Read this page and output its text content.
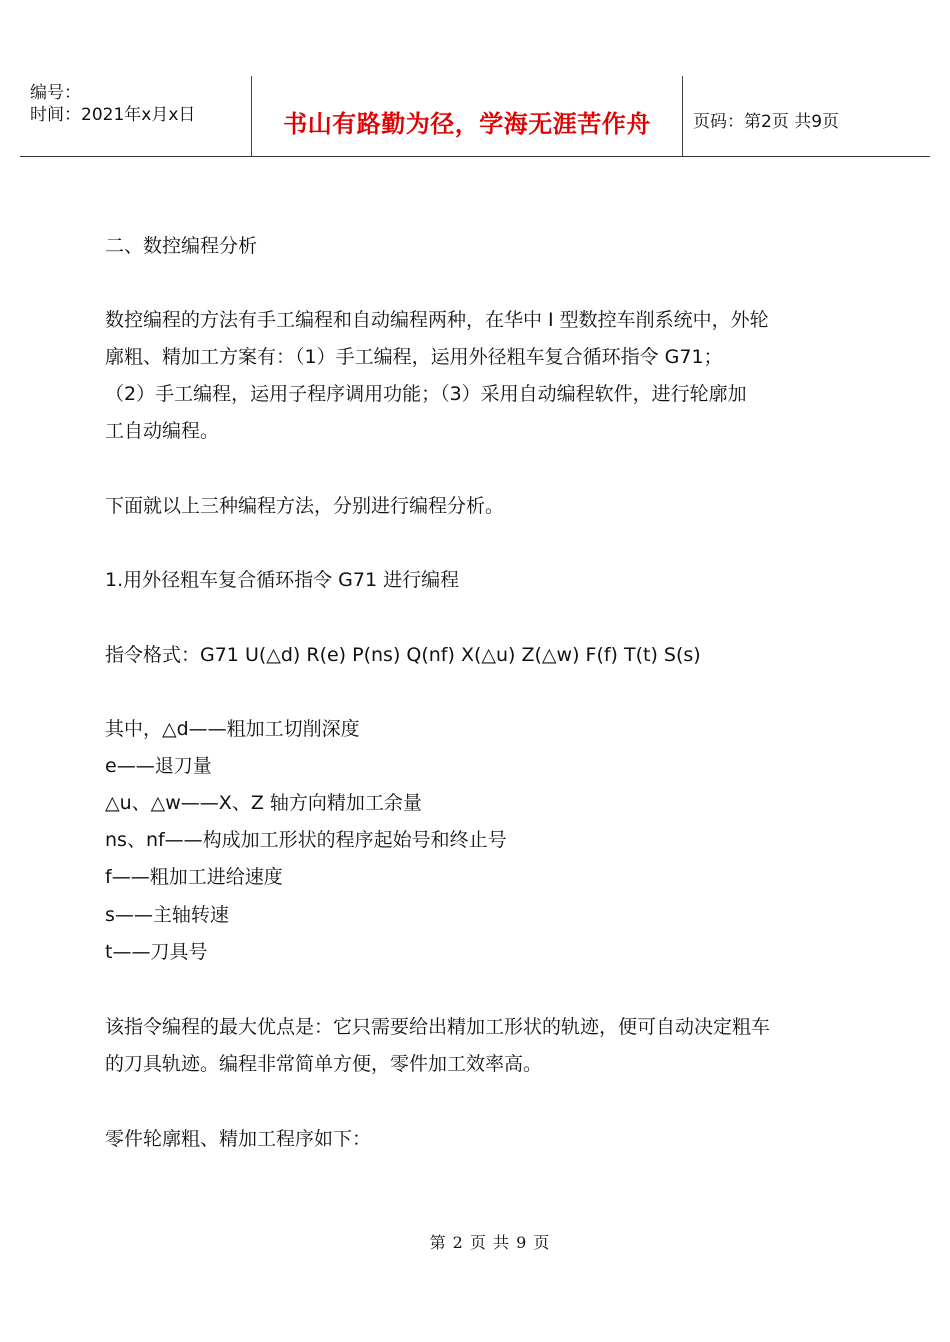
编号：
时间：2021年x月x日	书山有路勤为径，学海无涯苦作舟	页码：第2页 共9页
二、数控编程分析
数控编程的方法有手工编程和自动编程两种，在华中 I 型数控车削系统中，外轮
廓粗、精加工方案有：（1）手工编程，运用外径粗车复合循环指令 G71；
（2）手工编程，运用子程序调用功能；（3）采用自动编程软件，进行轮廓加
工自动编程。
下面就以上三种编程方法，分别进行编程分析。
1.用外径粗车复合循环指令 G71 进行编程
指令格式：G71 U(△d) R(e) P(ns) Q(nf) X(△u) Z(△w) F(f) T(t) S(s)
其中，△d——粗加工切削深度
e——退刀量
△u、△w——X、Z 轴方向精加工余量
ns、nf——构成加工形状的程序起始号和终止号
f——粗加工进给速度
s——主轴转速
t——刀具号
该指令编程的最大优点是：它只需要给出精加工形状的轨迹，便可自动决定粗车
的刀具轨迹。编程非常简单方便，零件加工效率高。
零件轮廓粗、精加工程序如下：
第 2 页 共 9 页
